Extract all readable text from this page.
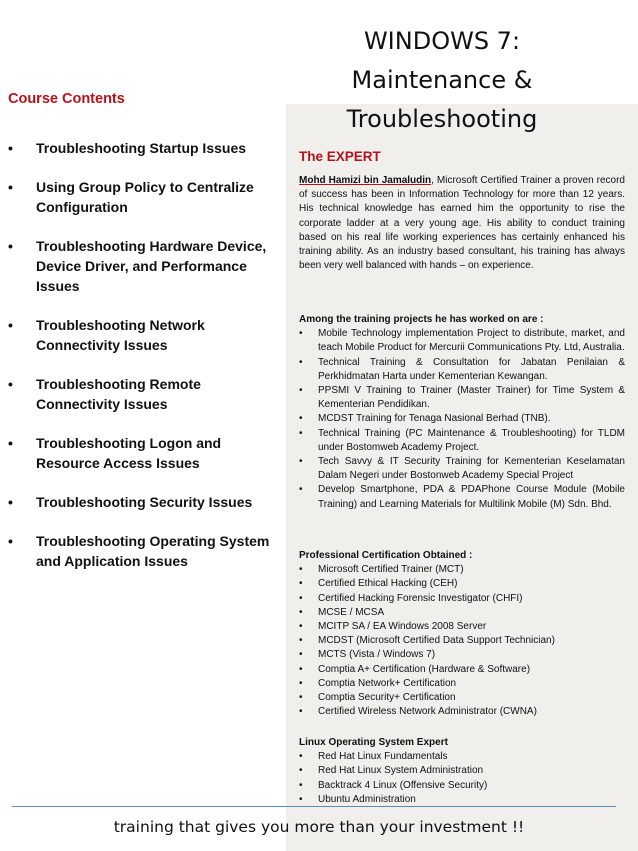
WINDOWS 7:
Maintenance &
Troubleshooting
Course Contents
• Troubleshooting Startup Issues
• Using Group Policy to Centralize Configuration
• Troubleshooting Hardware Device, Device Driver, and Performance Issues
• Troubleshooting Network Connectivity Issues
• Troubleshooting Remote Connectivity Issues
• Troubleshooting Logon and Resource Access Issues
• Troubleshooting Security Issues
• Troubleshooting Operating System and Application Issues
The EXPERT
Mohd Hamizi bin Jamaludin, Microsoft Certified Trainer a proven record of success has been in Information Technology for more than 12 years. His technical knowledge has earned him the opportunity to rise the corporate ladder at a very young age. His ability to conduct training based on his real life working experiences has certainly enhanced his training ability. As an industry based consultant, his training has always been very well balanced with hands – on experience.
Among the training projects he has worked on are :
• Mobile Technology implementation Project to distribute, market, and teach Mobile Product for Mercurii Communications Pty. Ltd, Australia.
• Technical Training & Consultation for Jabatan Penilaian & Perkhidmatan Harta under Kementerian Kewangan.
• PPSMI V Training to Trainer (Master Trainer) for Time System & Kementerian Pendidikan.
• MCDST Training for Tenaga Nasional Berhad (TNB).
• Technical Training (PC Maintenance & Troubleshooting) for TLDM under Bostomweb Academy Project.
• Tech Savvy & IT Security Training for Kementerian Keselamatan Dalam Negeri under Bostonweb Academy Special Project
• Develop Smartphone, PDA & PDAPhone Course Module (Mobile Training) and Learning Materials for Multilink Mobile (M) Sdn. Bhd.
Professional Certification Obtained :
• Microsoft Certified Trainer (MCT)
• Certified Ethical Hacking (CEH)
• Certified Hacking Forensic Investigator (CHFI)
• MCSE / MCSA
• MCITP SA / EA Windows 2008 Server
• MCDST (Microsoft Certified Data Support Technician)
• MCTS (Vista / Windows 7)
• Comptia A+ Certification (Hardware & Software)
• Comptia Network+ Certification
• Comptia Security+ Certification
• Certified Wireless Network Administrator (CWNA)
Linux Operating System Expert
• Red Hat Linux Fundamentals
• Red Hat Linux System Administration
• Backtrack 4 Linux (Offensive Security)
• Ubuntu Administration
training that gives you more than your investment !!
